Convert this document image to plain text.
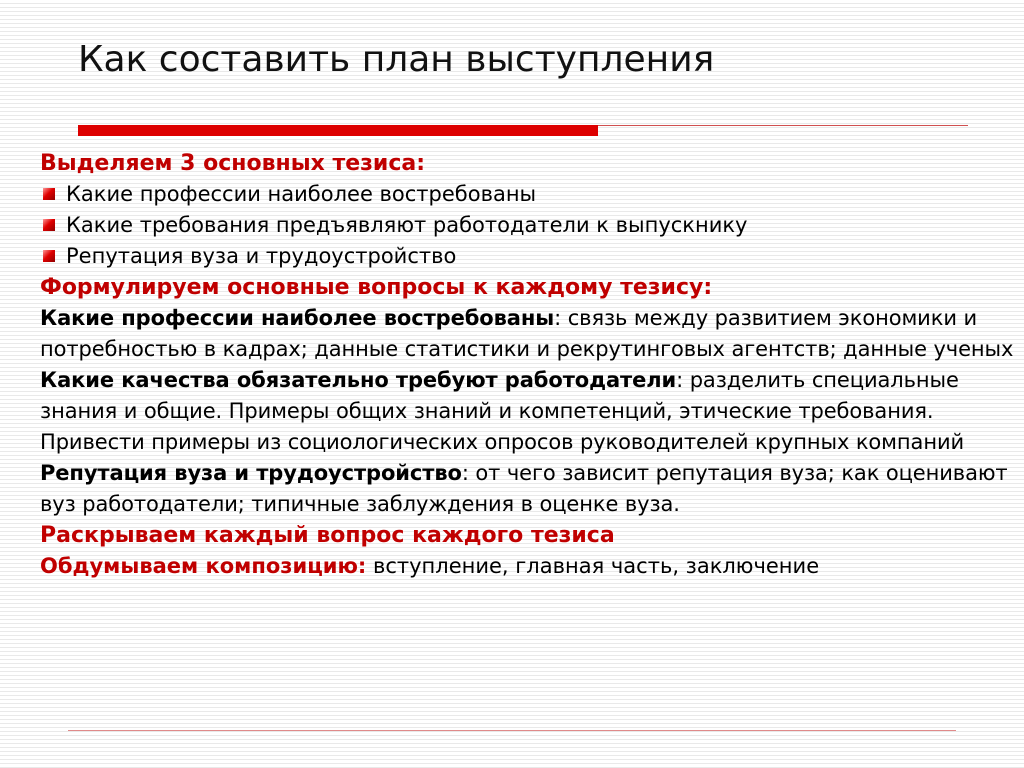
Как составить план выступления
Выделяем 3 основных тезиса:
Какие профессии наиболее востребованы
Какие требования предъявляют работодатели к выпускнику
Репутация вуза и трудоустройство
Формулируем основные вопросы к каждому тезису:

Какие профессии наиболее востребованы: связь между развитием экономики и потребностью в кадрах; данные статистики и рекрутинговых агентств; данные ученых

Какие качества обязательно требуют работодатели: разделить специальные знания и общие. Примеры общих знаний и компетенций, этические требования. Привести примеры из социологических опросов руководителей крупных компаний

Репутация вуза и трудоустройство: от чего зависит репутация вуза; как оценивают вуз работодатели; типичные заблуждения в оценке вуза.

Раскрываем каждый вопрос каждого тезиса
Обдумываем композицию: вступление, главная часть, заключение
